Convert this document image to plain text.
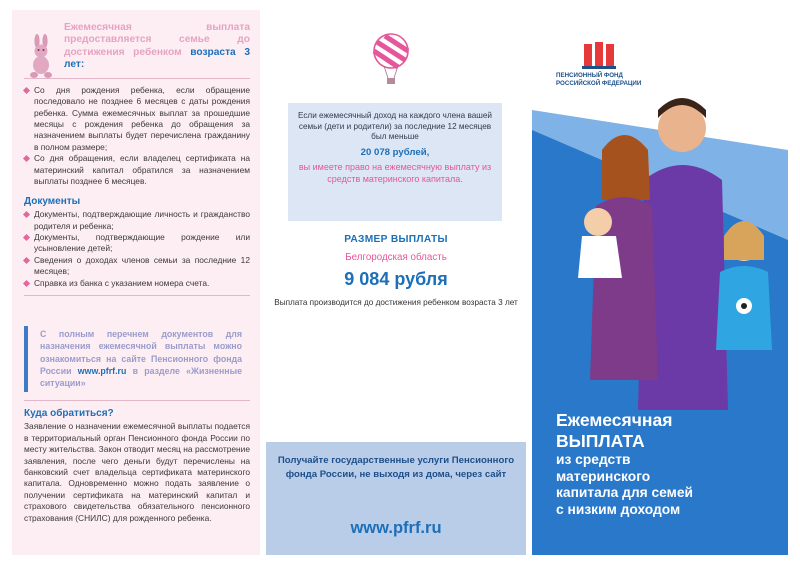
Ежемесячная выплата предоставляется семье до достижения ребенком возраста 3 лет:
Со дня рождения ребенка, если обращение последовало не позднее 6 месяцев с даты рождения ребенка. Сумма ежемесячных выплат за прошедшие месяцы с рождения ребенка до обращения за назначением выплаты будет перечислена гражданину в полном размере;
Со дня обращения, если владелец сертификата на материнский капитал обратился за назначением выплаты позднее 6 месяцев.
Документы
Документы, подтверждающие личность и гражданство родителя и ребенка;
Документы, подтверждающие рождение или усыновление детей;
Сведения о доходах членов семьи за последние 12 месяцев;
Справка из банка с указанием номера счета.
С полным перечнем документов для назначения ежемесячной выплаты можно ознакомиться на сайте Пенсионного фонда России www.pfrf.ru в разделе «Жизненные ситуации»
Куда обратиться?

Заявление о назначении ежемесячной выплаты подается в территориальный орган Пенсионного фонда России по месту жительства. Закон отводит месяц на рассмотрение заявления, после чего деньги будут перечислены на банковский счет владельца сертификата материнского капитала. Одновременно можно подать заявление о получении сертификата на материнский капитал и страхового свидетельства обязательного пенсионного страхования (СНИЛС) для рожденного ребенка.

Если ежемесячный доход на каждого члена вашей семьи (дети и родители) за последние 12 месяцев был меньше
20 078 рублей,
вы имеете право на ежемесячную выплату из средств материнского капитала.
РАЗМЕР ВЫПЛАТЫ
Белгородская область
9 084 рубля
Выплата производится до достижения ребенком возраста 3 лет
Получайте государственные услуги Пенсионного фонда России, не выходя из дома, через сайт
www.pfrf.ru
ПЕНСИОННЫЙ ФОНД
РОССИЙСКОЙ ФЕДЕРАЦИИ
Ежемесячная
ВЫПЛАТА
из средств
материнского
капитала для семей
с низким доходом
